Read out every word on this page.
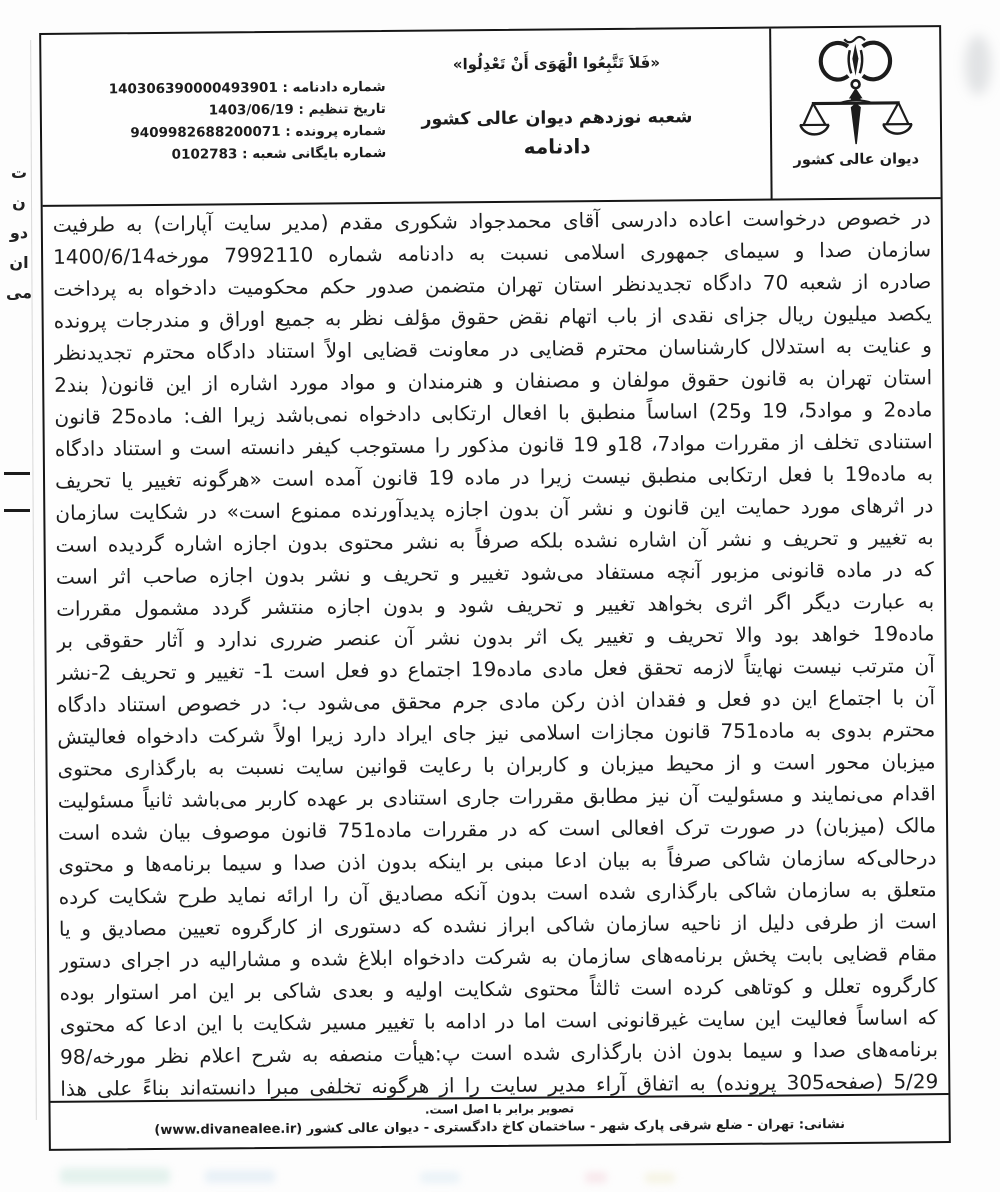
ت
ن
دو
ان
می
شماره دادنامه : 140306390000493901
تاریخ تنظیم : 1403/06/19
شماره پرونده : 9409982688200071
شماره بایگانی شعبه : 0102783
«فَلاَ تَتَّبِعُوا الْهَوَی أَنْ تَعْدِلُوا»
شعبه نوزدهم دیوان عالی کشور
دادنامه
دیوان عالی کشور
در خصوص درخواست اعاده دادرسی آقای محمدجواد شکوری مقدم (مدیر سایت آپارات) به طرفیت
سازمان صدا و سیمای جمهوری اسلامی نسبت به دادنامه شماره 7992110 مورخه1400/6/14
صادره از شعبه 70 دادگاه تجدیدنظر استان تهران متضمن صدور حکم محکومیت دادخواه به پرداخت
یکصد میلیون ریال جزای نقدی از باب اتهام نقض حقوق مؤلف نظر به جمیع اوراق و مندرجات پرونده
و عنایت به استدلال کارشناسان محترم قضایی در معاونت قضایی اولاً استناد دادگاه محترم تجدیدنظر
استان تهران به قانون حقوق مولفان و مصنفان و هنرمندان و مواد مورد اشاره از این قانون( بند2
ماده2 و مواد5، 19 و25) اساساً منطبق با افعال ارتکابی دادخواه نمی‌باشد زیرا الف: ماده25 قانون
استنادی تخلف از مقررات مواد7، 18و 19 قانون مذکور را مستوجب کیفر دانسته است و استناد دادگاه
به ماده19 با فعل ارتکابی منطبق نیست زیرا در ماده 19 قانون آمده است «هرگونه تغییر یا تحریف
در اثرهای مورد حمایت این قانون و نشر آن بدون اجازه پدیدآورنده ممنوع است» در شکایت سازمان
به تغییر و تحریف و نشر آن اشاره نشده بلکه صرفاً به نشر محتوی بدون اجازه اشاره گردیده است
که در ماده قانونی مزبور آنچه مستفاد می‌شود تغییر و تحریف و نشر بدون اجازه صاحب اثر است
به عبارت دیگر اگر اثری بخواهد تغییر و تحریف شود و بدون اجازه منتشر گردد مشمول مقررات
ماده19 خواهد بود والا تحریف و تغییر یک اثر بدون نشر آن عنصر ضرری ندارد و آثار حقوقی بر
آن مترتب نیست نهایتاً لازمه تحقق فعل مادی ماده19 اجتماع دو فعل است 1- تغییر و تحریف 2-نشر
آن با اجتماع این دو فعل و فقدان اذن رکن مادی جرم محقق می‌شود ب: در خصوص استناد دادگاه
محترم بدوی به ماده751 قانون مجازات اسلامی نیز جای ایراد دارد زیرا اولاً شرکت دادخواه فعالیتش
میزبان محور است و از محیط میزبان و کاربران با رعایت قوانین سایت نسبت به بارگذاری محتوی
اقدام می‌نمایند و مسئولیت آن نیز مطابق مقررات جاری استنادی بر عهده کاربر می‌باشد ثانیاً مسئولیت
مالک (میزبان) در صورت ترک افعالی است که در مقررات ماده751 قانون موصوف بیان شده است
درحالی‌که سازمان شاکی صرفاً به بیان ادعا مبنی بر اینکه بدون اذن صدا و سیما برنامه‌ها و محتوی
متعلق به سازمان شاکی بارگذاری شده است بدون آنکه مصادیق آن را ارائه نماید طرح شکایت کرده
است از طرفی دلیل از ناحیه سازمان شاکی ابراز نشده که دستوری از کارگروه تعیین مصادیق و یا
مقام قضایی بابت پخش برنامه‌های سازمان به شرکت دادخواه ابلاغ شده و مشارالیه در اجرای دستور
کارگروه تعلل و کوتاهی کرده است ثالثاً محتوی شکایت اولیه و بعدی شاکی بر این امر استوار بوده
که اساساً فعالیت این سایت غیرقانونی است اما در ادامه با تغییر مسیر شکایت با این ادعا که محتوی
برنامه‌های صدا و سیما بدون اذن بارگذاری شده است پ:هیأت منصفه به شرح اعلام نظر مورخه/98
5/29 (صفحه305 پرونده) به اتفاق آراء مدیر سایت را از هرگونه تخلفی مبرا دانسته‌اند بناءً علی هذا
تصویر برابر با اصل است.
نشانی: تهران - ضلع شرقی پارک شهر - ساختمان کاخ دادگستری - دیوان عالی کشور (www.divanealee.ir)
